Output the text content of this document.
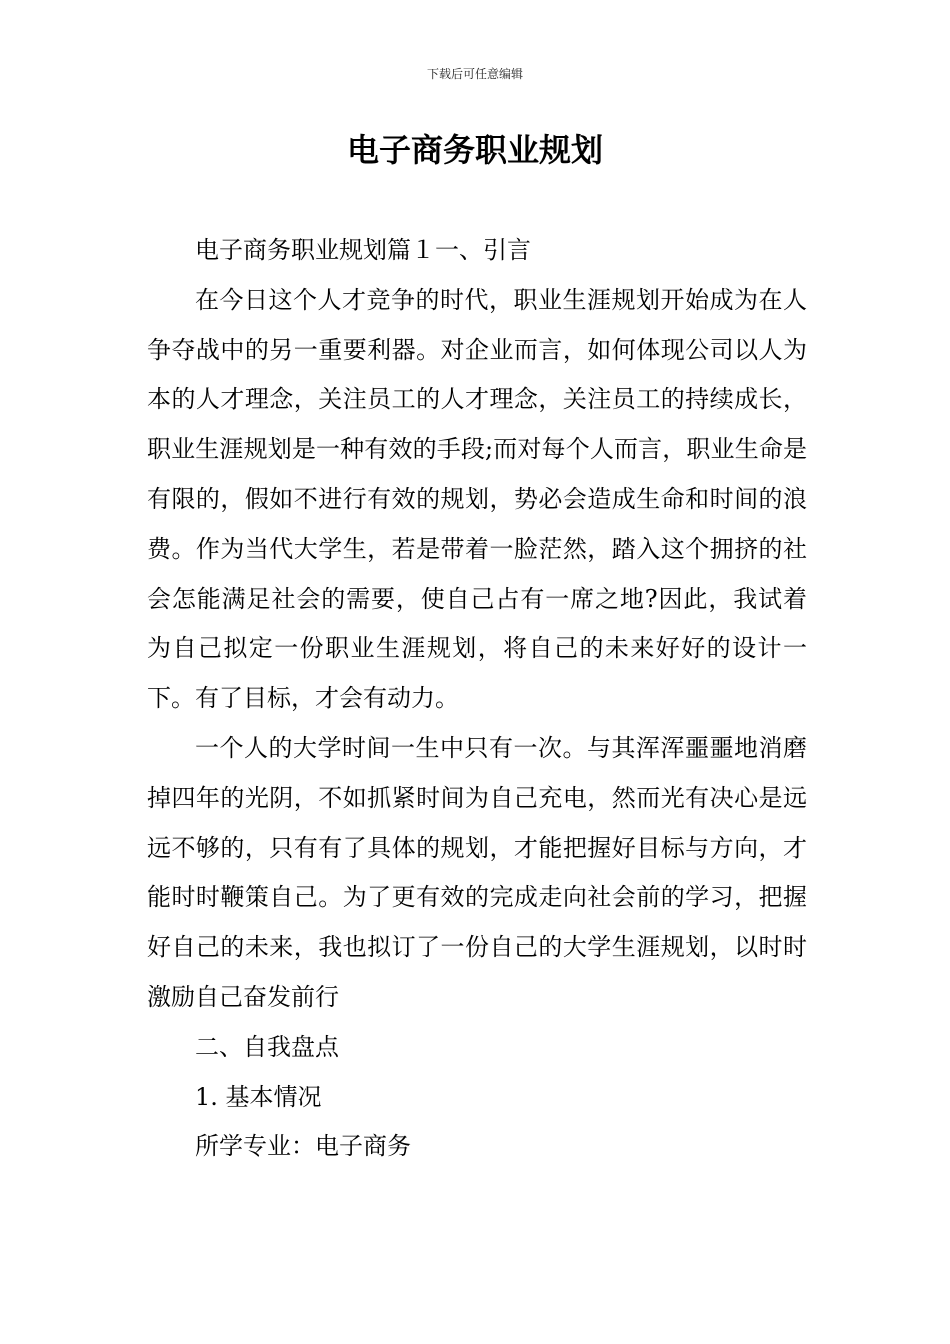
下载后可任意编辑
电子商务职业规划

电子商务职业规划篇１一、引言

在今日这个人才竞争的时代，职业生涯规划开始成为在人争夺战中的另一重要利器。对企业而言，如何体现公司以人为本的人才理念，关注员工的人才理念，关注员工的持续成长，职业生涯规划是一种有效的手段;而对每个人而言，职业生命是有限的，假如不进行有效的规划，势必会造成生命和时间的浪费。作为当代大学生，若是带着一脸茫然，踏入这个拥挤的社会怎能满足社会的需要，使自己占有一席之地?因此，我试着为自己拟定一份职业生涯规划，将自己的未来好好的设计一下。有了目标，才会有动力。

一个人的大学时间一生中只有一次。与其浑浑噩噩地消磨掉四年的光阴，不如抓紧时间为自己充电，然而光有决心是远远不够的，只有有了具体的规划，才能把握好目标与方向，才能时时鞭策自己。为了更有效的完成走向社会前的学习，把握好自己的未来，我也拟订了一份自己的大学生涯规划，以时时激励自己奋发前行

二、自我盘点

1. 基本情况

所学专业：电子商务
